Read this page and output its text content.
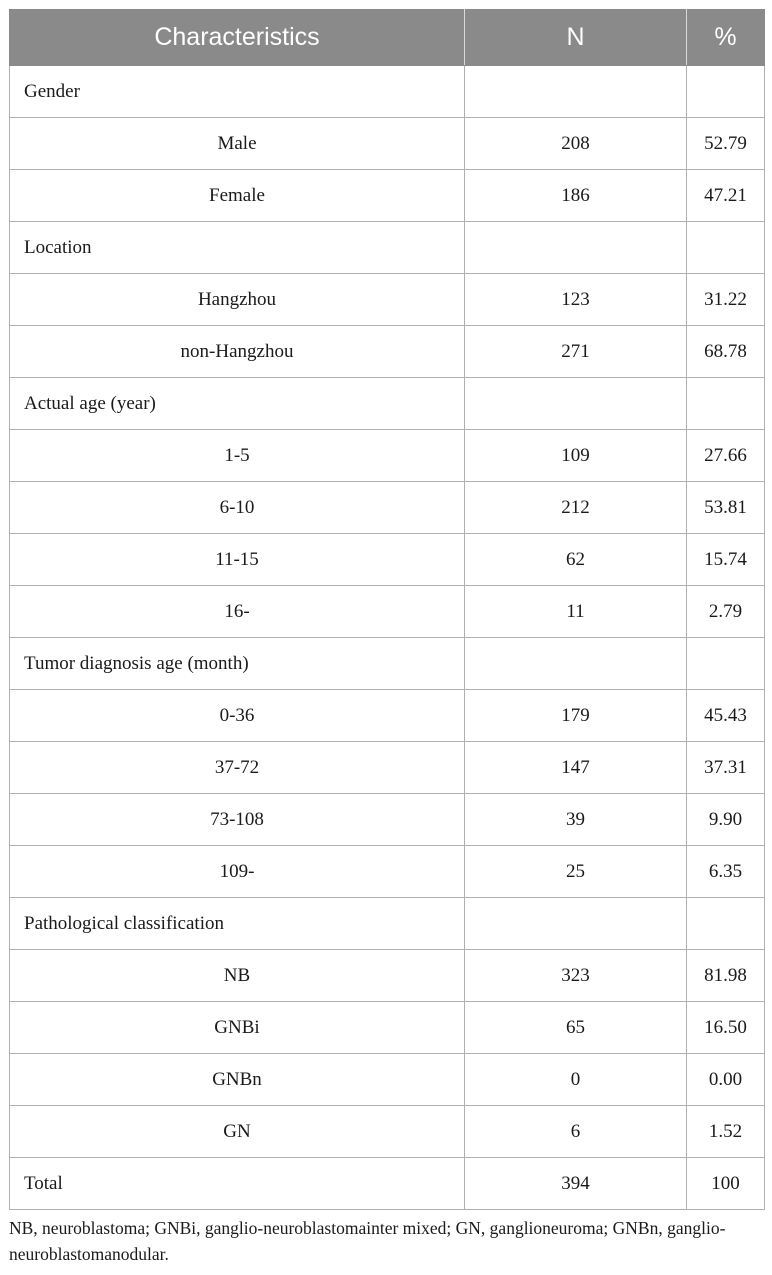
Characteristics	N	%
Gender		
Male	208	52.79
Female	186	47.21
Location		
Hangzhou	123	31.22
non-Hangzhou	271	68.78
Actual age (year)		
1-5	109	27.66
6-10	212	53.81
11-15	62	15.74
16-	11	2.79
Tumor diagnosis age (month)		
0-36	179	45.43
37-72	147	37.31
73-108	39	9.90
109-	25	6.35
Pathological classification		
NB	323	81.98
GNBi	65	16.50
GNBn	0	0.00
GN	6	1.52
Total	394	100
NB, neuroblastoma; GNBi, ganglio-neuroblastomainter mixed; GN, ganglioneuroma; GNBn, ganglio-neuroblastomanodular.
